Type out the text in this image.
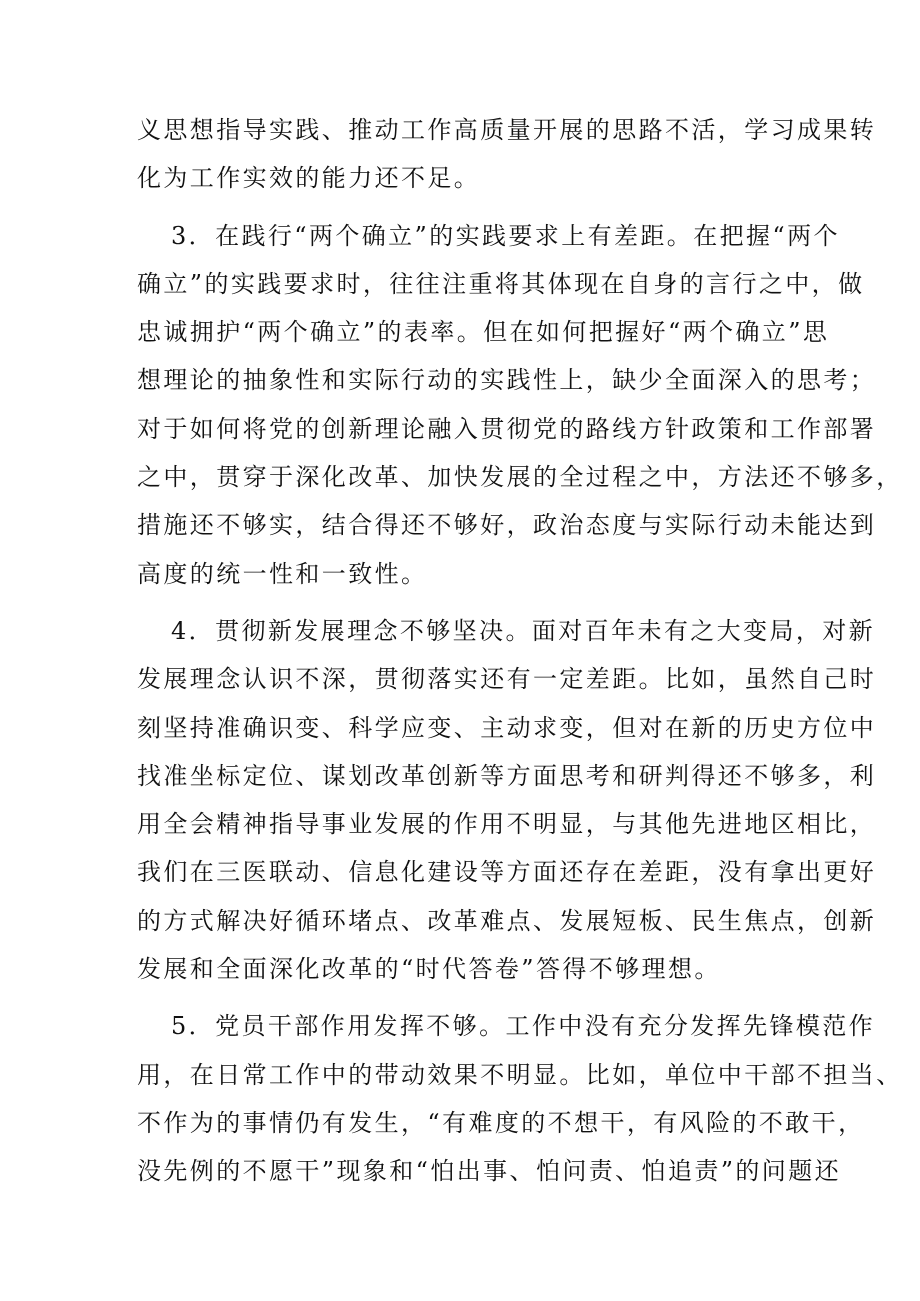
义思想指导实践、推动工作高质量开展的思路不活，学习成果转
化为工作实效的能力还不足。
3．在践行“两个确立”的实践要求上有差距。在把握“两个
确立”的实践要求时，往往注重将其体现在自身的言行之中，做
忠诚拥护“两个确立”的表率。但在如何把握好“两个确立”思
想理论的抽象性和实际行动的实践性上，缺少全面深入的思考；
对于如何将党的创新理论融入贯彻党的路线方针政策和工作部署
之中，贯穿于深化改革、加快发展的全过程之中，方法还不够多，
措施还不够实，结合得还不够好，政治态度与实际行动未能达到
高度的统一性和一致性。
4．贯彻新发展理念不够坚决。面对百年未有之大变局，对新
发展理念认识不深，贯彻落实还有一定差距。比如，虽然自己时
刻坚持准确识变、科学应变、主动求变，但对在新的历史方位中
找准坐标定位、谋划改革创新等方面思考和研判得还不够多，利
用全会精神指导事业发展的作用不明显，与其他先进地区相比，
我们在三医联动、信息化建设等方面还存在差距，没有拿出更好
的方式解决好循环堵点、改革难点、发展短板、民生焦点，创新
发展和全面深化改革的“时代答卷”答得不够理想。
5．党员干部作用发挥不够。工作中没有充分发挥先锋模范作
用，在日常工作中的带动效果不明显。比如，单位中干部不担当、
不作为的事情仍有发生，“有难度的不想干，有风险的不敢干，
没先例的不愿干”现象和“怕出事、怕问责、怕追责”的问题还
